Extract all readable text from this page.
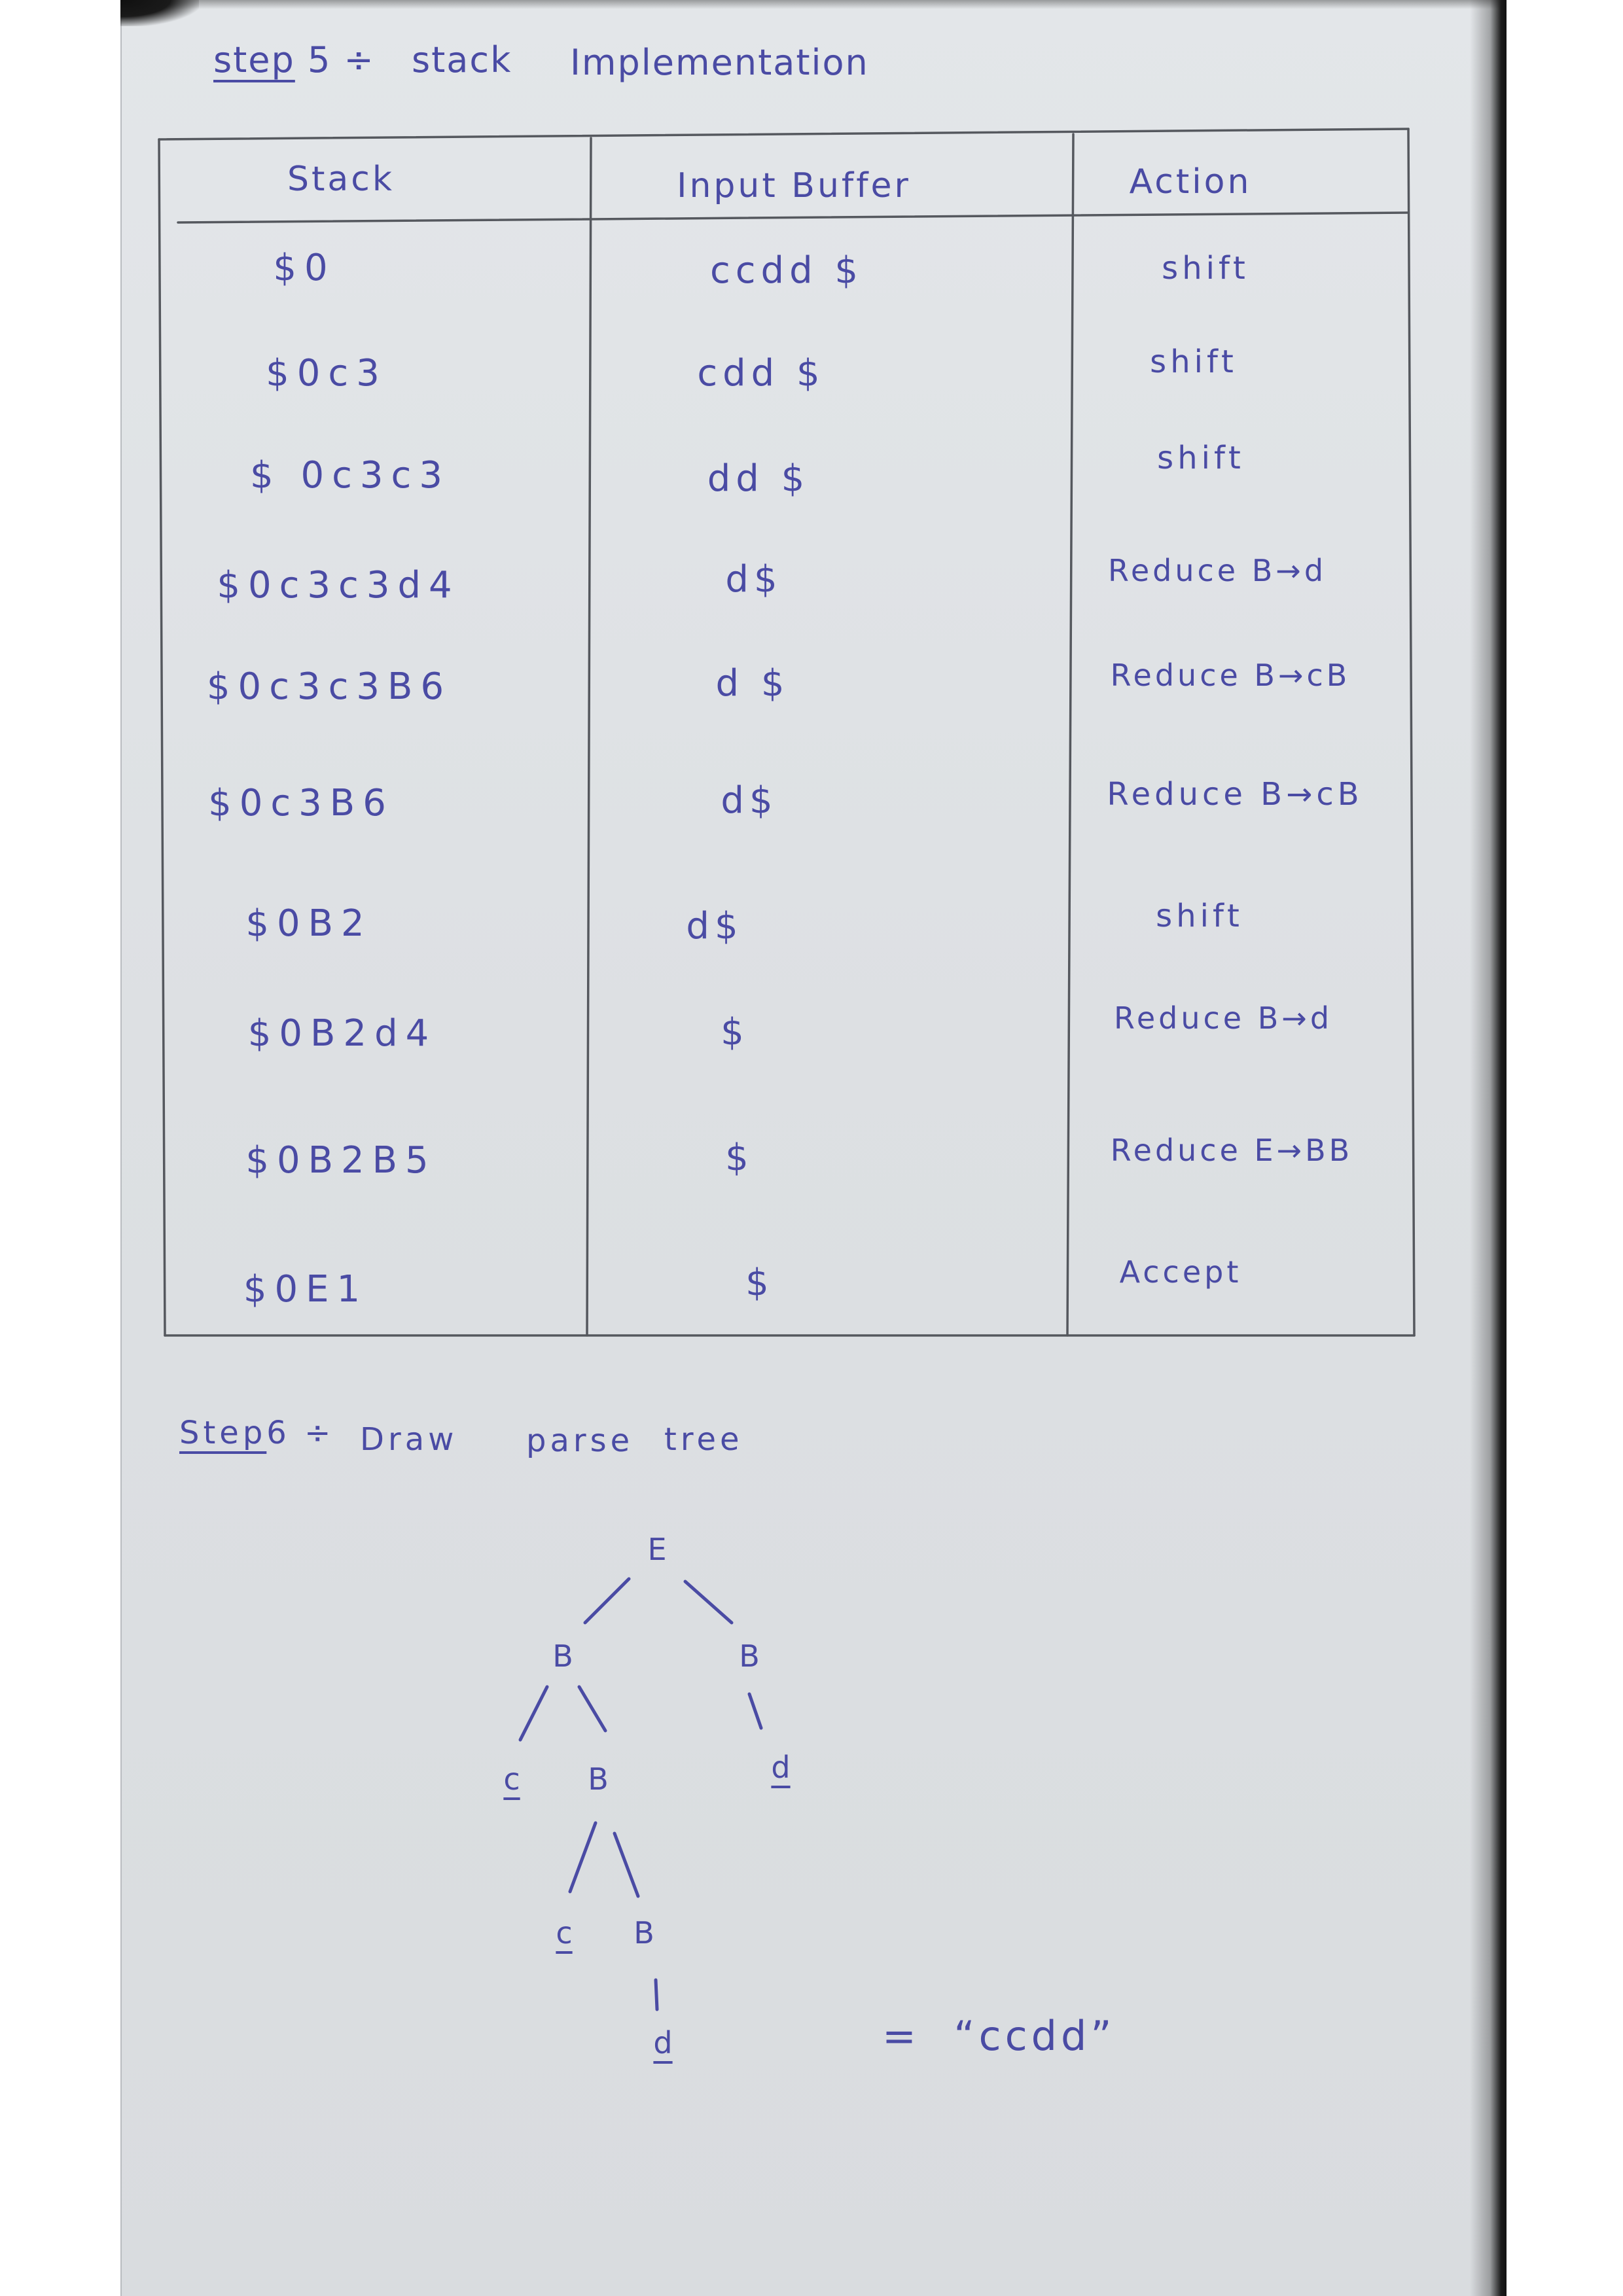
step 5 ÷ stack Implementation
Stack	Input Buffer	Action
$0	ccdd $	shift
$0c3	cdd $	shift
$ 0c3c3	dd $	shift
$0c3c3d4	d$	Reduce B→d
$0c3c3B6	d $	Reduce B→cB
$0c3B6	d$	Reduce B→cB
$0B2	d$	shift
$0B2d4	$	Reduce B→d
$0B2B5	$	Reduce E→BB
$0E1	$	Accept
Step6 ÷ Draw parse tree
E
B	B
c B	d
c B
d	=  “ccdd”
